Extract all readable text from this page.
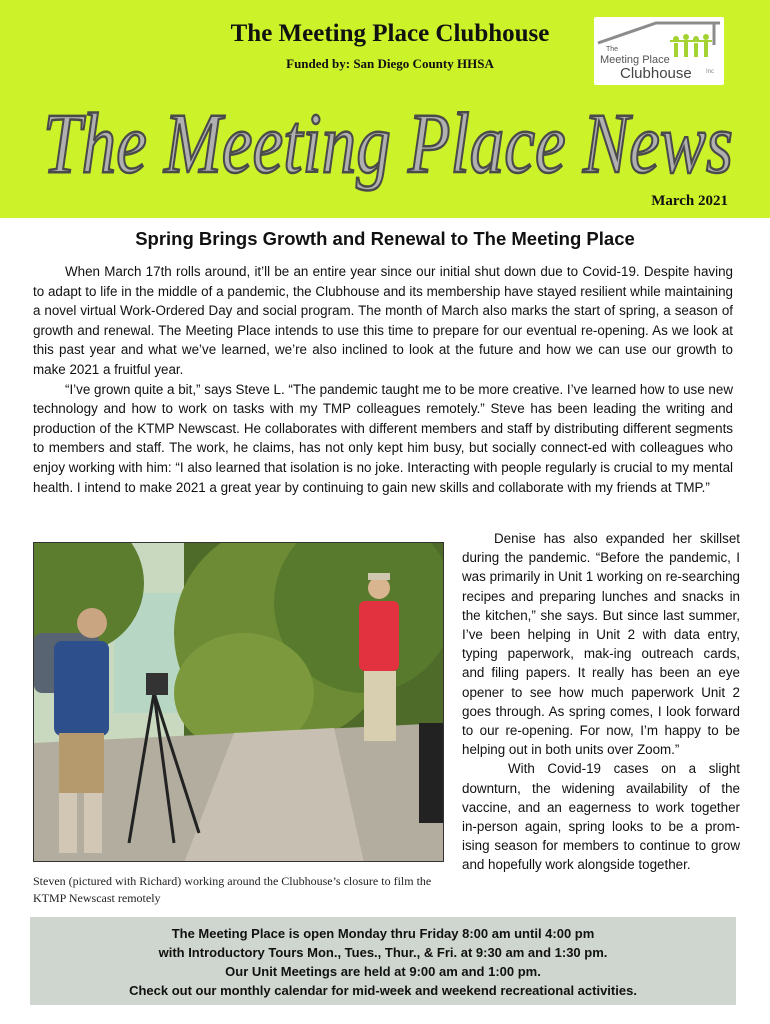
The Meeting Place Clubhouse
Funded by: San Diego County HHSA
The
Meeting Place
Clubhouse Inc
The Meeting Place News
March 2021
Spring Brings Growth and Renewal to The Meeting Place

When March 17th rolls around, it’ll be an entire year since our initial shut down due to Covid-19. Despite having to adapt to life in the middle of a pandemic, the Clubhouse and its membership have stayed resilient while maintaining a novel virtual Work-Ordered Day and social program. The month of March also marks the start of spring, a season of growth and renewal. The Meeting Place intends to use this time to prepare for our eventual re-opening. As we look at this past year and what we’ve learned, we’re also inclined to look at the future and how we can use our growth to make 2021 a fruitful year.

“I’ve grown quite a bit,” says Steve L. “The pandemic taught me to be more creative. I’ve learned how to use new technology and how to work on tasks with my TMP colleagues remotely.” Steve has been leading the writing and production of the KTMP Newscast. He collaborates with different members and staff by distributing different segments to members and staff. The work, he claims, has not only kept him busy, but socially connect-ed with colleagues who enjoy working with him: “I also learned that isolation is no joke. Interacting with people regularly is crucial to my mental health. I intend to make 2021 a great year by continuing to gain new skills and collaborate with my friends at TMP.”

Steven (pictured with Richard) working around the Clubhouse’s closure to film the KTMP Newscast remotely

Denise has also expanded her skillset during the pandemic. “Before the pandemic, I was primarily in Unit 1 working on re-searching recipes and preparing lunches and snacks in the kitchen,” she says. But since last summer, I’ve been helping in Unit 2 with data entry, typing paperwork, mak-ing outreach cards, and filing papers. It really has been an eye opener to see how much paperwork Unit 2 goes through. As spring comes, I look forward to our re-opening. For now, I’m happy to be helping out in both units over Zoom.”

With Covid-19 cases on a slight downturn, the widening availability of the vaccine, and an eagerness to work together in-person again, spring looks to be a prom-ising season for members to continue to grow and hopefully work alongside together.

The Meeting Place is open Monday thru Friday 8:00 am until 4:00 pm
with Introductory Tours Mon., Tues., Thur., & Fri. at 9:30 am and 1:30 pm.
Our Unit Meetings are held at 9:00 am and 1:00 pm.
Check out our monthly calendar for mid-week and weekend recreational activities.
